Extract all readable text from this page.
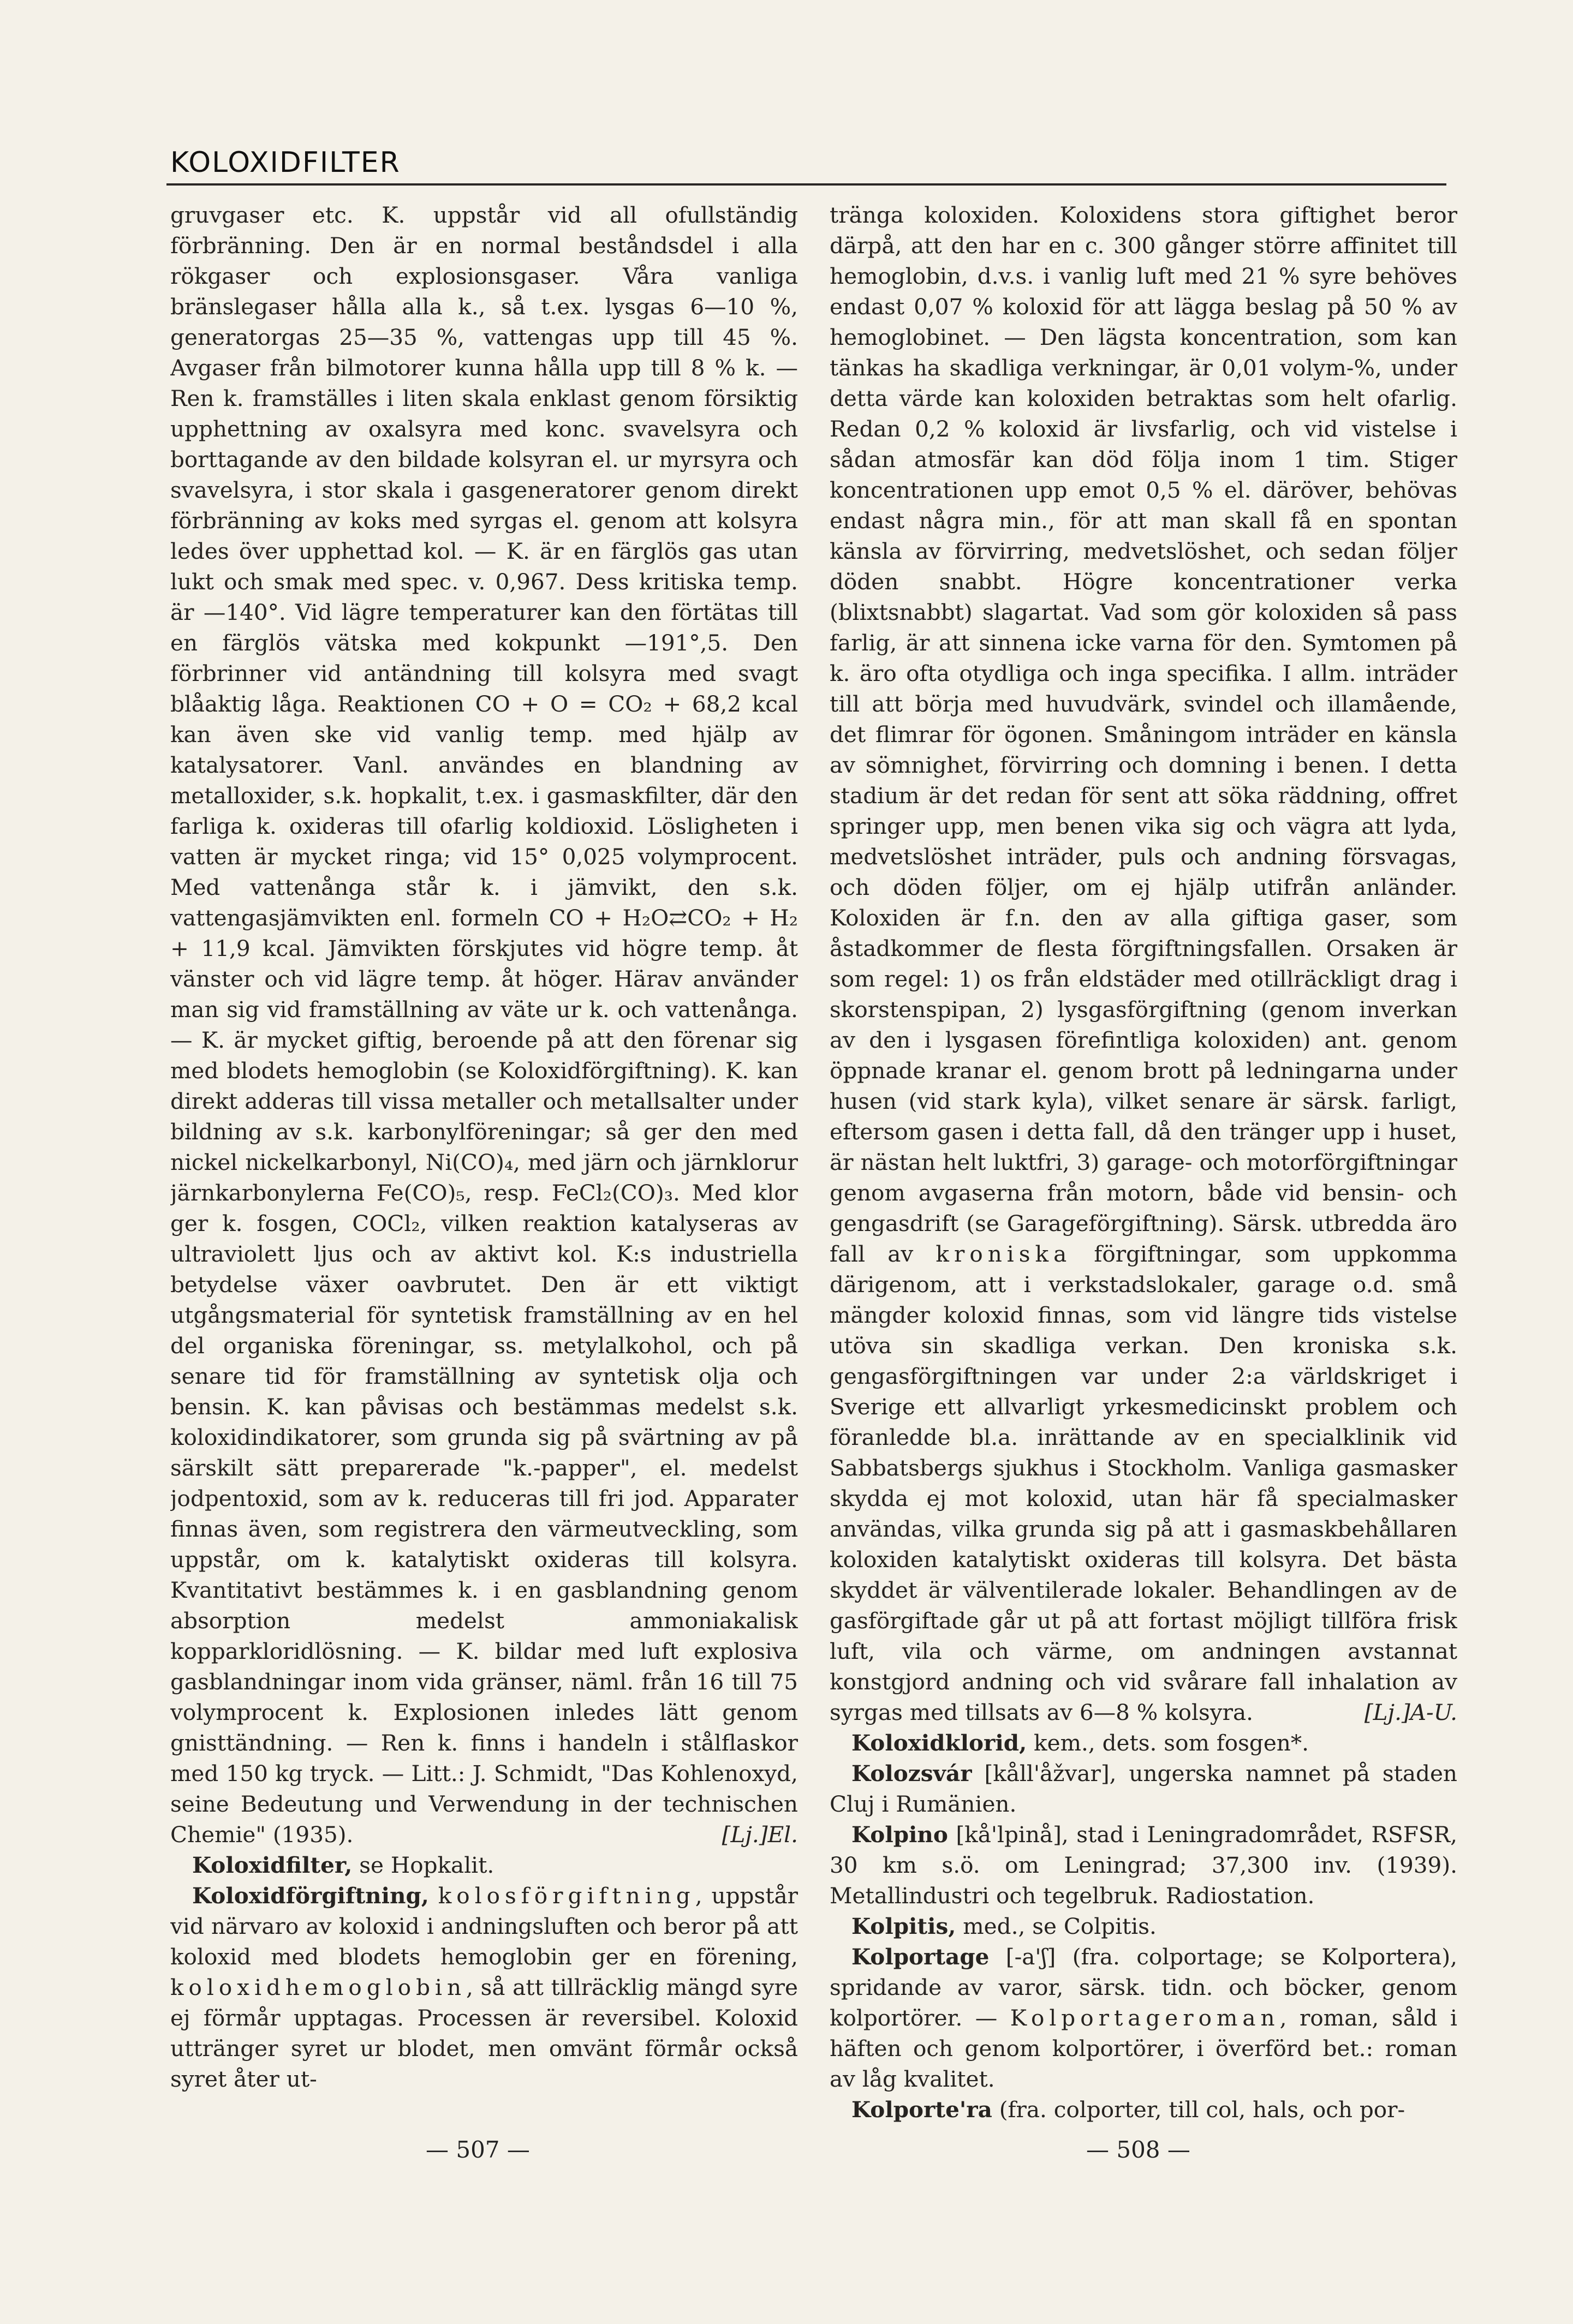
KOLOXIDFILTER

gruvgaser etc. K. uppstår vid all ofullständig förbränning. Den är en normal beståndsdel i alla rökgaser och explosionsgaser. Våra vanliga bränslegaser hålla alla k., så t.ex. lysgas 6—10 %, generatorgas 25—35 %, vattengas upp till 45 %. Avgaser från bilmotorer kunna hålla upp till 8 % k. — Ren k. framställes i liten skala enklast genom försiktig upphettning av oxalsyra med konc. svavelsyra och borttagande av den bildade kolsyran el. ur myrsyra och svavelsyra, i stor skala i gasgeneratorer genom direkt förbränning av koks med syrgas el. genom att kolsyra ledes över upphettad kol. — K. är en färglös gas utan lukt och smak med spec. v. 0,967. Dess kritiska temp. är —140°. Vid lägre temperaturer kan den förtätas till en färglös vätska med kokpunkt —191°,5. Den förbrinner vid antändning till kolsyra med svagt blåaktig låga. Reaktionen CO + O = CO₂ + 68,2 kcal kan även ske vid vanlig temp. med hjälp av katalysatorer. Vanl. användes en blandning av metalloxider, s.k. hopkalit, t.ex. i gasmaskfilter, där den farliga k. oxideras till ofarlig koldioxid. Lösligheten i vatten är mycket ringa; vid 15° 0,025 volymprocent. Med vattenånga står k. i jämvikt, den s.k. vattengasjämvikten enl. formeln CO + H₂O⇄CO₂ + H₂ + 11,9 kcal. Jämvikten förskjutes vid högre temp. åt vänster och vid lägre temp. åt höger. Härav använder man sig vid framställning av väte ur k. och vattenånga. — K. är mycket giftig, beroende på att den förenar sig med blodets hemoglobin (se Koloxidförgiftning). K. kan direkt adderas till vissa metaller och metallsalter under bildning av s.k. karbonylföreningar; så ger den med nickel nickelkarbonyl, Ni(CO)₄, med järn och järnklorur järnkarbonylerna Fe(CO)₅, resp. FeCl₂(CO)₃. Med klor ger k. fosgen, COCl₂, vilken reaktion katalyseras av ultraviolett ljus och av aktivt kol. K:s industriella betydelse växer oavbrutet. Den är ett viktigt utgångsmaterial för syntetisk framställning av en hel del organiska föreningar, ss. metylalkohol, och på senare tid för framställning av syntetisk olja och bensin. K. kan påvisas och bestämmas medelst s.k. koloxidindikatorer, som grunda sig på svärtning av på särskilt sätt preparerade "k.-papper", el. medelst jodpentoxid, som av k. reduceras till fri jod. Apparater finnas även, som registrera den värmeutveckling, som uppstår, om k. katalytiskt oxideras till kolsyra. Kvantitativt bestämmes k. i en gasblandning genom absorption medelst ammoniakalisk kopparkloridlösning. — K. bildar med luft explosiva gasblandningar inom vida gränser, näml. från 16 till 75 volymprocent k. Explosionen inledes lätt genom gnisttändning. — Ren k. finns i handeln i stålflaskor med 150 kg tryck. — Litt.: J. Schmidt, "Das Kohlenoxyd, seine Bedeutung und Verwendung in der technischen Chemie" (1935).	[Lj.]El.

Koloxidfilter, se Hopkalit.

Koloxidförgiftning, kolosförgiftning, uppstår vid närvaro av koloxid i andningsluften och beror på att koloxid med blodets hemoglobin ger en förening, koloxidhemoglobin, så att tillräcklig mängd syre ej förmår upptagas. Processen är reversibel. Koloxid uttränger syret ur blodet, men omvänt förmår också syret åter ut-

tränga koloxiden. Koloxidens stora giftighet beror därpå, att den har en c. 300 gånger större affinitet till hemoglobin, d.v.s. i vanlig luft med 21 % syre behöves endast 0,07 % koloxid för att lägga beslag på 50 % av hemoglobinet. — Den lägsta koncentration, som kan tänkas ha skadliga verkningar, är 0,01 volym-%, under detta värde kan koloxiden betraktas som helt ofarlig. Redan 0,2 % koloxid är livsfarlig, och vid vistelse i sådan atmosfär kan död följa inom 1 tim. Stiger koncentrationen upp emot 0,5 % el. däröver, behövas endast några min., för att man skall få en spontan känsla av förvirring, medvetslöshet, och sedan följer döden snabbt. Högre koncentrationer verka (blixtsnabbt) slagartat. Vad som gör koloxiden så pass farlig, är att sinnena icke varna för den. Symtomen på k. äro ofta otydliga och inga specifika. I allm. inträder till att börja med huvudvärk, svindel och illamående, det flimrar för ögonen. Småningom inträder en känsla av sömnighet, förvirring och domning i benen. I detta stadium är det redan för sent att söka räddning, offret springer upp, men benen vika sig och vägra att lyda, medvetslöshet inträder, puls och andning försvagas, och döden följer, om ej hjälp utifrån anländer. Koloxiden är f.n. den av alla giftiga gaser, som åstadkommer de flesta förgiftningsfallen. Orsaken är som regel: 1) os från eldstäder med otillräckligt drag i skorstenspipan, 2) lysgasförgiftning (genom inverkan av den i lysgasen förefintliga koloxiden) ant. genom öppnade kranar el. genom brott på ledningarna under husen (vid stark kyla), vilket senare är särsk. farligt, eftersom gasen i detta fall, då den tränger upp i huset, är nästan helt luktfri, 3) garage- och motorförgiftningar genom avgaserna från motorn, både vid bensin- och gengasdrift (se Garageförgiftning). Särsk. utbredda äro fall av kroniska förgiftningar, som uppkomma därigenom, att i verkstadslokaler, garage o.d. små mängder koloxid finnas, som vid längre tids vistelse utöva sin skadliga verkan. Den kroniska s.k. gengasförgiftningen var under 2:a världskriget i Sverige ett allvarligt yrkesmedicinskt problem och föranledde bl.a. inrättande av en specialklinik vid Sabbatsbergs sjukhus i Stockholm. Vanliga gasmasker skydda ej mot koloxid, utan här få specialmasker användas, vilka grunda sig på att i gasmaskbehållaren koloxiden katalytiskt oxideras till kolsyra. Det bästa skyddet är välventilerade lokaler. Behandlingen av de gasförgiftade går ut på att fortast möjligt tillföra frisk luft, vila och värme, om andningen avstannat konstgjord andning och vid svårare fall inhalation av syrgas med tillsats av 6—8 % kolsyra.	[Lj.]A-U.

Koloxidklorid, kem., dets. som fosgen*.

Kolozsvár [kåll'åžvar], ungerska namnet på staden Cluj i Rumänien.

Kolpino [kå'lpinå], stad i Leningradområdet, RSFSR, 30 km s.ö. om Leningrad; 37,300 inv. (1939). Metallindustri och tegelbruk. Radiostation.

Kolpitis, med., se Colpitis.

Kolportage [-a'ʃ] (fra. colportage; se Kolportera), spridande av varor, särsk. tidn. och böcker, genom kolportörer. — Kolportageroman, roman, såld i häften och genom kolportörer, i överförd bet.: roman av låg kvalitet.

Kolporte'ra (fra. colporter, till col, hals, och por-

— 507 —	— 508 —
